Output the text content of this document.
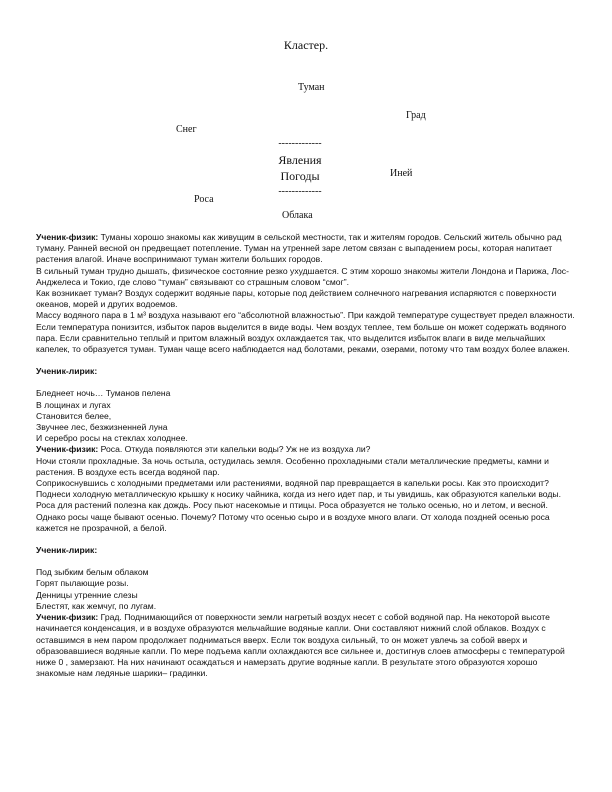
Кластер.
Туман
Град
Снег
-------------
Явления
Погоды
-------------
Иней
Роса
Облака

Ученик-физик: Туманы хорошо знакомы как живущим в сельской местности, так и жителям городов. Сельский житель обычно рад туману. Ранней весной он предвещает потепление. Туман на утренней заре летом связан с выпадением росы, которая напитает растения влагой. Иначе воспринимают туман жители больших городов.

В сильный туман трудно дышать, физическое состояние резко ухудшается. С этим хорошо знакомы жители Лондона и Парижа, Лос-Анджелеса и Токио, где слово “туман” связывают со страшным словом “смог”.

Как возникает туман? Воздух содержит водяные пары, которые под действием солнечного нагревания испаряются с поверхности океанов, морей и других водоемов.

Массу водяного пара в 1 м³ воздуха называют его “абсолютной влажностью”. При каждой температуре существует предел влажности. Если температура понизится, избыток паров выделится в виде воды. Чем воздух теплее, тем больше он может содержать водяного пара. Если сравнительно теплый и притом влажный воздух охлаждается так, что выделится избыток влаги в виде мельчайших капелек, то образуется туман. Туман чаще всего наблюдается над болотами, реками, озерами, потому что там воздух более влажен.

Ученик-лирик:

Бледнеет ночь… Туманов пелена

В лощинах и лугах

Становится белее,

Звучнее лес, безжизненней луна

И серебро росы на стеклах холоднее.

Ученик-физик: Роса. Откуда появляются эти капельки воды? Уж не из воздуха ли?

Ночи стояли прохладные. За ночь остыла, остудилась земля. Особенно прохладными стали металлические предметы, камни и растения. В воздухе есть всегда водяной пар.

Соприкоснувшись с холодными предметами или растениями, водяной пар превращается в капельки росы. Как это происходит? Поднеси холодную металлическую крышку к носику чайника, когда из него идет пар, и ты увидишь, как образуются капельки воды. Роса для растений полезна как дождь. Росу пьют насекомые и птицы. Роса образуется не только осенью, но и летом, и весной.

Однако росы чаще бывают осенью. Почему? Потому что осенью сыро и в воздухе много влаги. От холода поздней осенью роса кажется не прозрачной, а белой.

Ученик-лирик:

Под зыбким белым облаком

Горят пылающие розы.

Денницы утренние слезы

Блестят, как жемчуг, по лугам.

Ученик-физик: Град. Поднимающийся от поверхности земли нагретый воздух несет с собой водяной пар. На некоторой высоте начинается конденсация, и в воздухе образуются мельчайшие водяные капли. Они составляют нижний слой облаков. Воздух с оставшимся в нем паром продолжает подниматься вверх. Если ток воздуха сильный, то он может увлечь за собой вверх и образовавшиеся водяные капли. По мере подъема капли охлаждаются все сильнее и, достигнув слоев атмосферы с температурой ниже 0 , замерзают. На них начинают осаждаться и намерзать другие водяные капли. В результате этого образуются хорошо знакомые нам ледяные шарики– градинки.
